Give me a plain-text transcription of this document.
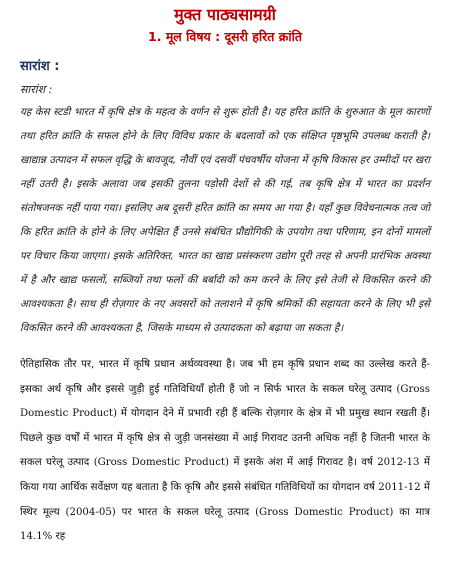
मुक्त पाठ्यसामग्री
1. मूल विषय : दूसरी हरित क्रांति
सारांश :
सारांश :

यह केस स्टडी भारत में कृषि क्षेत्र के महत्व के वर्णन से शुरू होती है। यह हरित क्रांति के शुरुआत के मूल कारणों तथा हरित क्रांति के सफल होने के लिए विविध प्रकार के बदलावों को एक संक्षिप्त पृष्ठभूमि उपलब्ध कराती है। खाद्यान्न उत्पादन में सफल वृद्धि के बावजूद, नौवीं एवं दसवीं पंचवर्षीय योजना में कृषि विकास हर उम्मीदों पर खरा नहीं उतरी है। इसके अलावा जब इसकी तुलना पड़ोसी देशों से की गई, तब कृषि क्षेत्र में भारत का प्रदर्शन संतोषजनक नहीं पाया गया। इसलिए अब दूसरी हरित क्रांति का समय आ गया है। यहाँ कुछ विवेचनात्मक तत्व जो कि हरित क्रांति के होने के लिए अपेक्षित हैं उनसे संबंधित प्रौद्योगिकी के उपयोग तथा परिणाम, इन दोनों मामलों पर विचार किया जाएगा। इसके अतिरिक्त, भारत का खाद्य प्रसंस्करण उद्योग पूरी तरह से अपनी प्रारंभिक अवस्था में है और खाद्य फसलों, सब्जियों तथा फलों की बर्बादी को कम करने के लिए इसे तेजी से विकसित करने की आवश्यकता है। साथ ही रोज़गार के नए अवसरों को तलाशने में कृषि श्रमिकों की सहायता करने के लिए भी इसे विकसित करने की आवश्यकता है, जिसके माध्यम से उत्पादकता को बढ़ाया जा सकता है।

ऐतिहासिक तौर पर, भारत में कृषि प्रधान अर्थव्यवस्था है। जब भी हम कृषि प्रधान शब्द का उल्लेख करते हैं- इसका अर्थ कृषि और इससे जुड़ी हुई गतिविधियाँ होती हैं जो न सिर्फ भारत के सकल घरेलू उत्पाद (Gross Domestic Product) में योगदान देने में प्रभावी रही हैं बल्कि रोज़गार के क्षेत्र में भी प्रमुख स्थान रखती हैं। पिछले कुछ वर्षों में भारत में कृषि क्षेत्र से जुड़ी जनसंख्या में आई गिरावट उतनी अधिक नहीं है जितनी भारत के सकल घरेलू उत्पाद (Gross Domestic Product) में इसके अंश में आई गिरावट है। वर्ष 2012-13 में किया गया आर्थिक सर्वेक्षण यह बताता है कि कृषि और इससे संबंधित गतिविधियों का योगदान वर्ष 2011-12 में स्थिर मूल्य (2004-05) पर भारत के सकल घरेलू उत्पाद (Gross Domestic Product) का मात्र 14.1% रह
